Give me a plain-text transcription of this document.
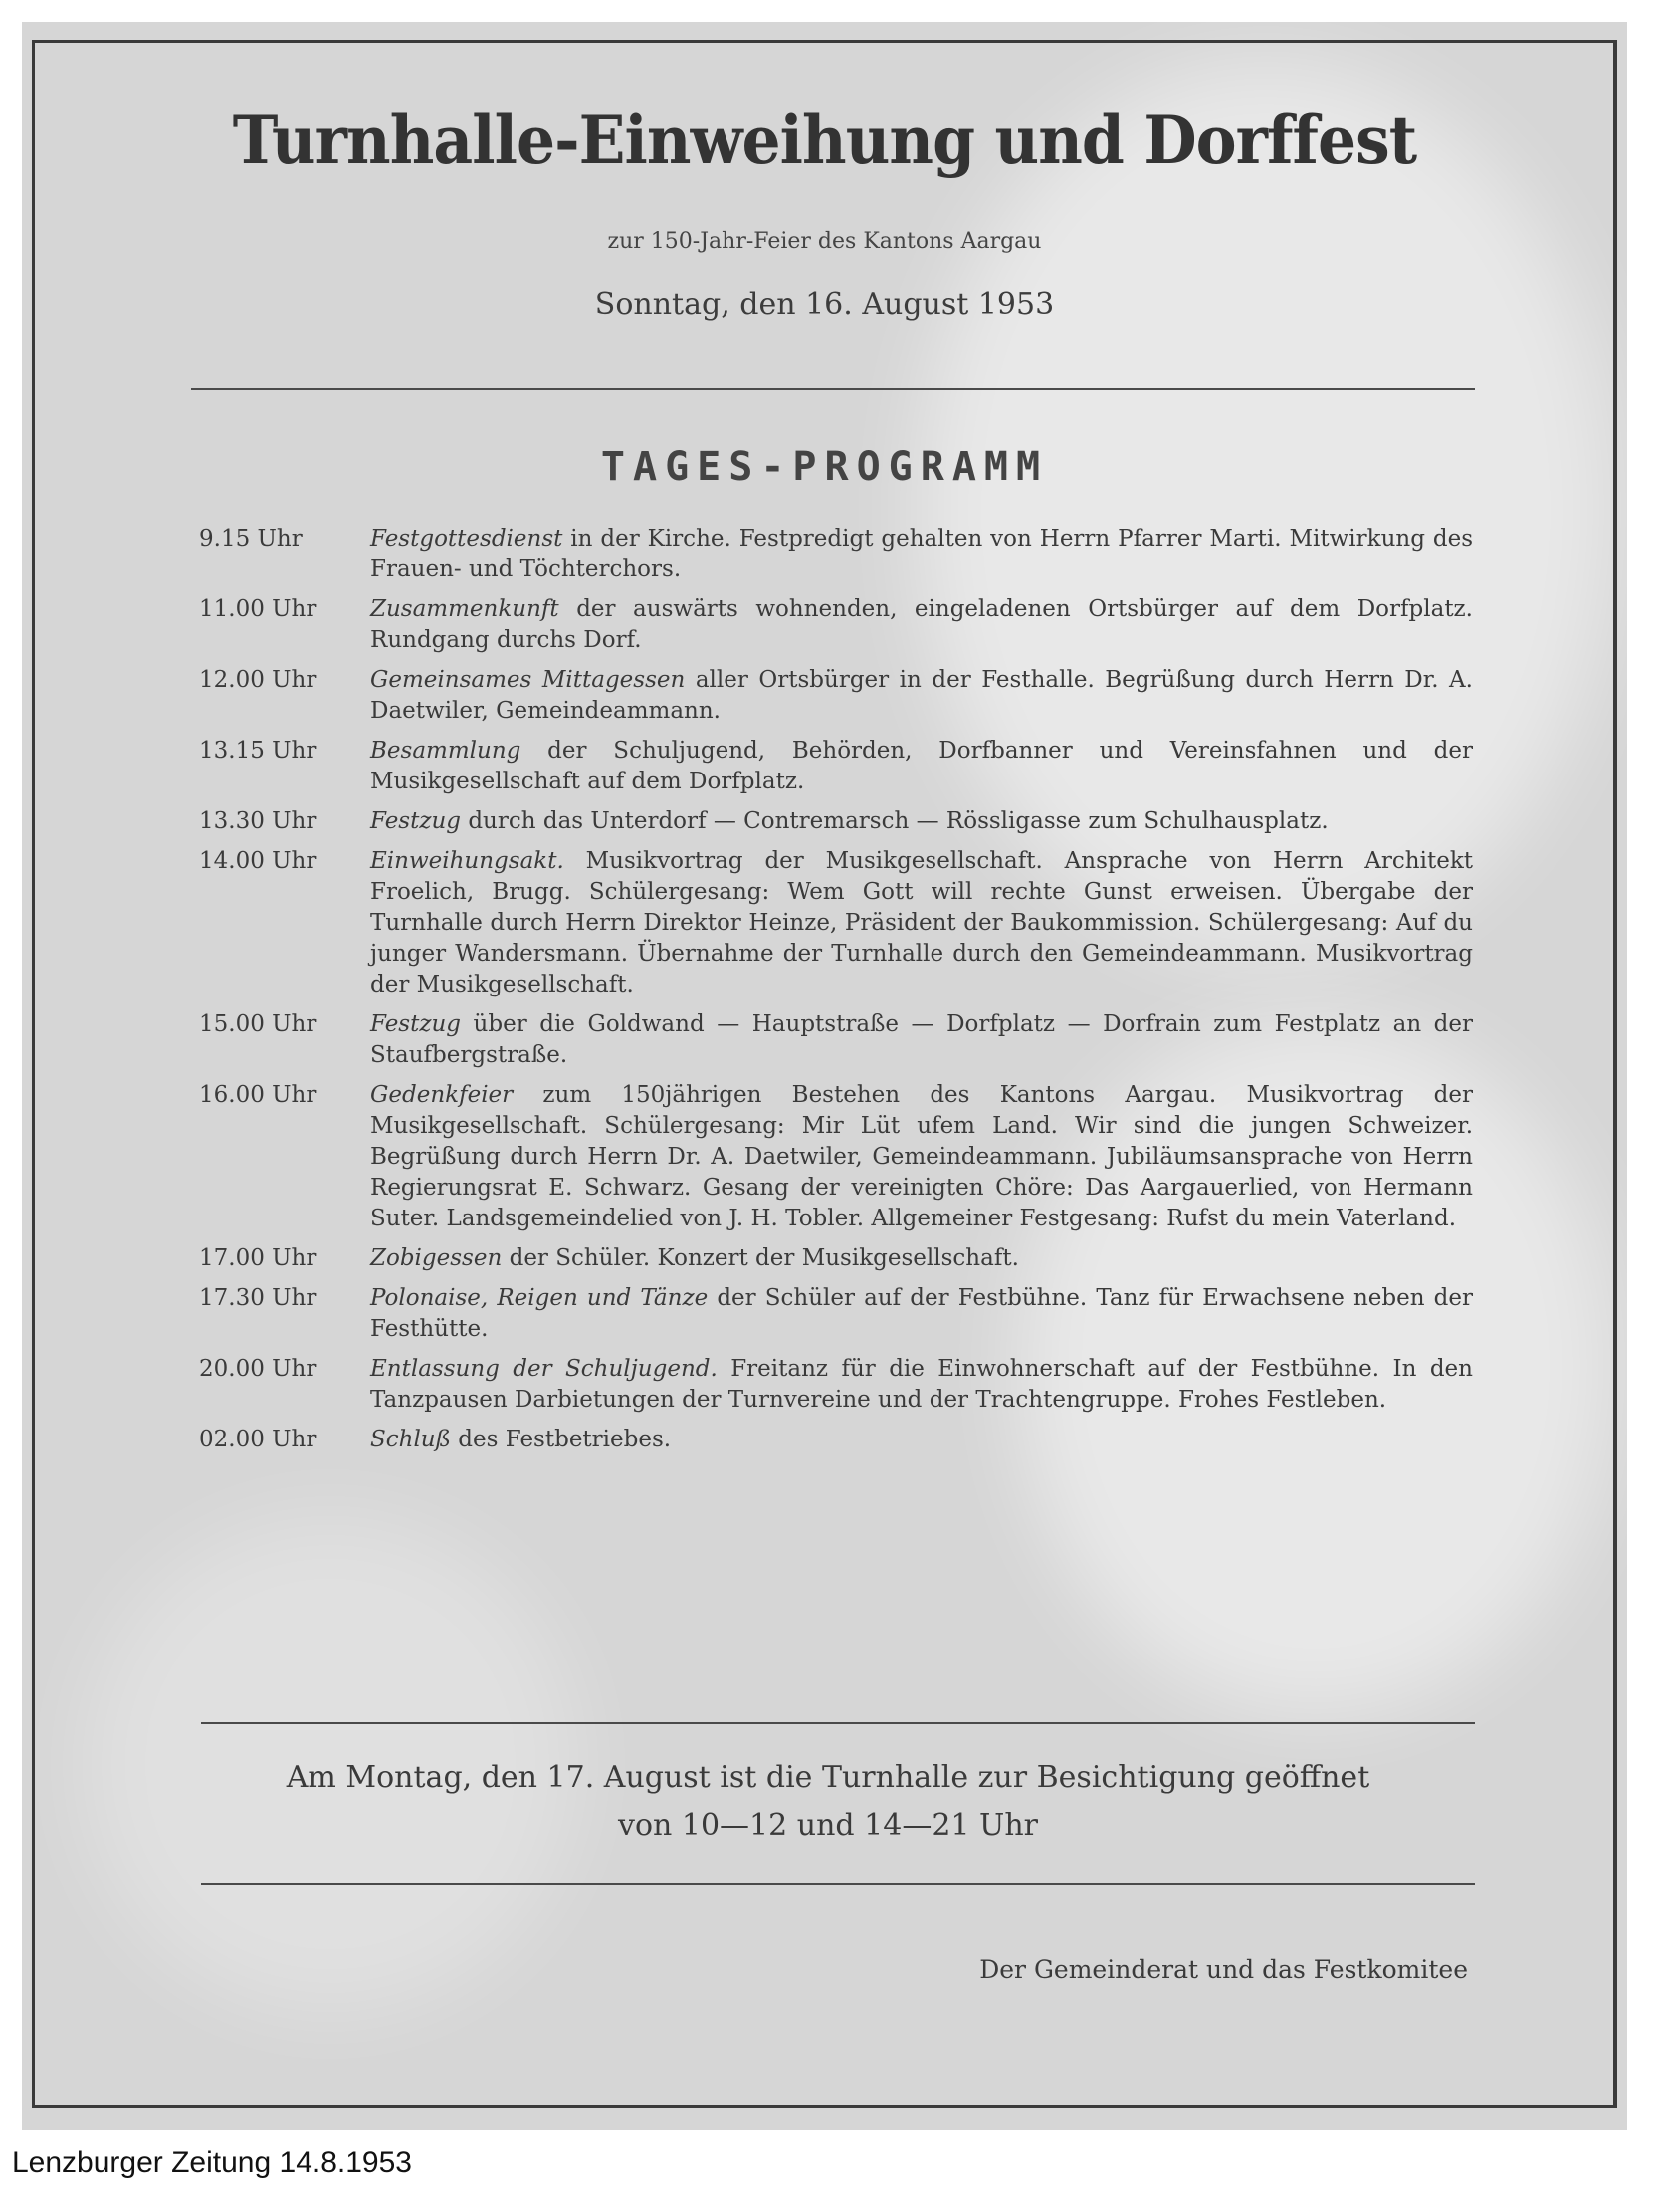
Turnhalle-Einweihung und Dorffest
zur 150-Jahr-Feier des Kantons Aargau
Sonntag, den 16. August 1953
TAGES-PROGRAMM
9.15 Uhr	Festgottesdienst in der Kirche. Festpredigt gehalten von Herrn Pfarrer Marti. Mitwirkung des Frauen- und Töchterchors.
11.00 Uhr	Zusammenkunft der auswärts wohnenden, eingeladenen Ortsbürger auf dem Dorfplatz. Rundgang durchs Dorf.
12.00 Uhr	Gemeinsames Mittagessen aller Ortsbürger in der Festhalle. Begrüßung durch Herrn Dr. A. Daetwiler, Gemeindeammann.
13.15 Uhr	Besammlung der Schuljugend, Behörden, Dorfbanner und Vereinsfahnen und der Musikgesellschaft auf dem Dorfplatz.
13.30 Uhr	Festzug durch das Unterdorf — Contremarsch — Rössligasse zum Schulhausplatz.
14.00 Uhr	Einweihungsakt. Musikvortrag der Musikgesellschaft. Ansprache von Herrn Architekt Froelich, Brugg. Schülergesang: Wem Gott will rechte Gunst erweisen. Übergabe der Turnhalle durch Herrn Direktor Heinze, Präsident der Baukommission. Schülergesang: Auf du junger Wandersmann. Übernahme der Turnhalle durch den Gemeindeammann. Musikvortrag der Musikgesellschaft.
15.00 Uhr	Festzug über die Goldwand — Hauptstraße — Dorfplatz — Dorfrain zum Festplatz an der Staufbergstraße.
16.00 Uhr	Gedenkfeier zum 150jährigen Bestehen des Kantons Aargau. Musikvortrag der Musikgesellschaft. Schülergesang: Mir Lüt ufem Land. Wir sind die jungen Schweizer. Begrüßung durch Herrn Dr. A. Daetwiler, Gemeindeammann. Jubiläumsansprache von Herrn Regierungsrat E. Schwarz. Gesang der vereinigten Chöre: Das Aargauerlied, von Hermann Suter. Landsgemeindelied von J. H. Tobler. Allgemeiner Festgesang: Rufst du mein Vaterland.
17.00 Uhr	Zobigessen der Schüler. Konzert der Musikgesellschaft.
17.30 Uhr	Polonaise, Reigen und Tänze der Schüler auf der Festbühne. Tanz für Erwachsene neben der Festhütte.
20.00 Uhr	Entlassung der Schuljugend. Freitanz für die Einwohnerschaft auf der Festbühne. In den Tanzpausen Darbietungen der Turnvereine und der Trachtengruppe. Frohes Festleben.
02.00 Uhr	Schluß des Festbetriebes.
Am Montag, den 17. August ist die Turnhalle zur Besichtigung geöffnet
von 10—12 und 14—21 Uhr
Der Gemeinderat und das Festkomitee
Lenzburger Zeitung 14.8.1953
